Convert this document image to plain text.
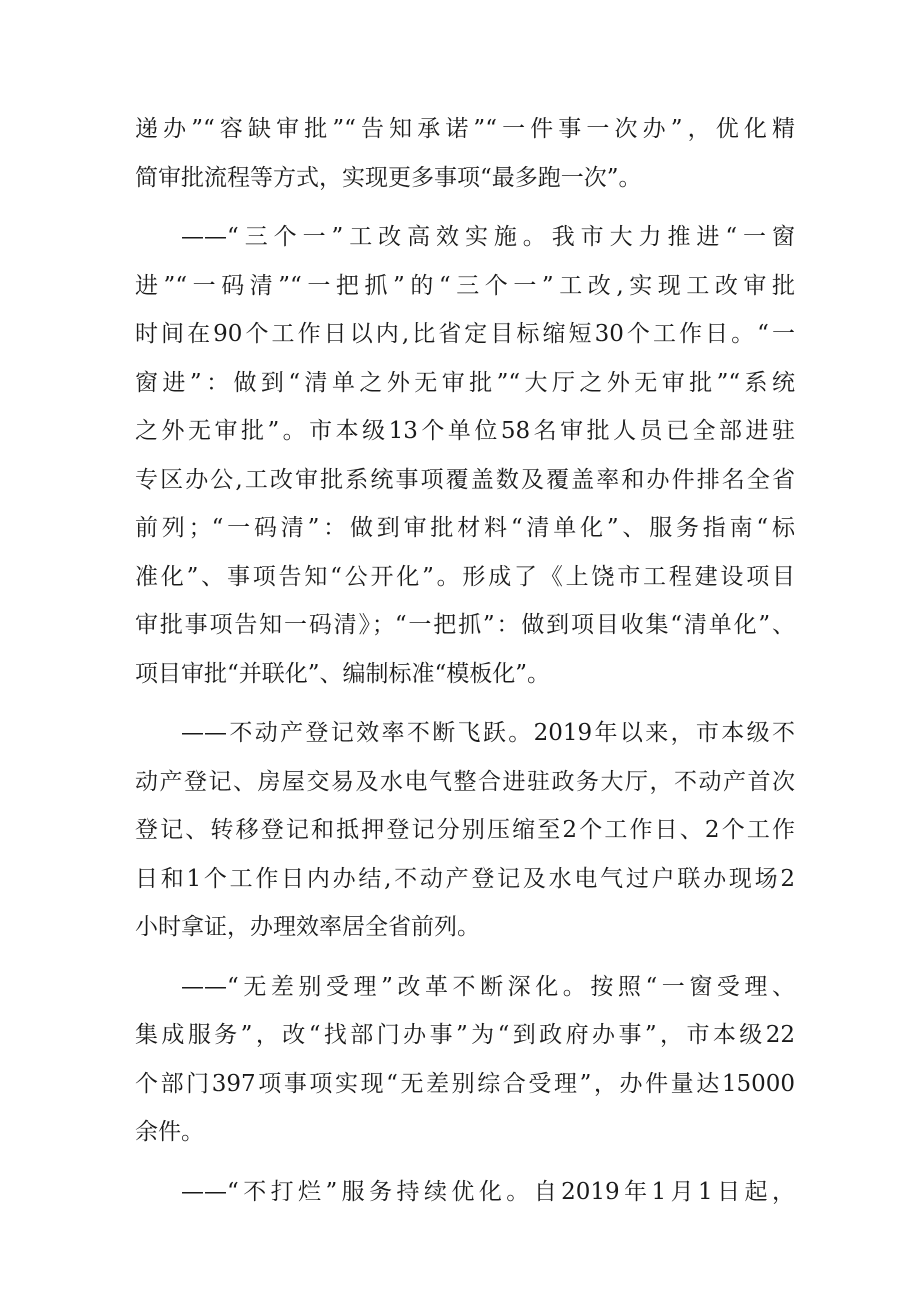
递办”“容缺审批”“告知承诺”“一件事一次办”，优化精
简审批流程等方式，实现更多事项“最多跑一次”。
——“三个一”工改高效实施。我市大力推进“一窗
进”“一码清”“一把抓”的“三个一”工改,实现工改审批
时间在90个工作日以内,比省定目标缩短30个工作日。“一
窗进”：做到“清单之外无审批”“大厅之外无审批”“系统
之外无审批”。市本级13个单位58名审批人员已全部进驻
专区办公,工改审批系统事项覆盖数及覆盖率和办件排名全省
前列；“一码清”：做到审批材料“清单化”、服务指南“标
准化”、事项告知“公开化”。形成了《上饶市工程建设项目
审批事项告知一码清》；“一把抓”：做到项目收集“清单化”、
项目审批“并联化”、编制标准“模板化”。
——不动产登记效率不断飞跃。2019年以来，市本级不
动产登记、房屋交易及水电气整合进驻政务大厅，不动产首次
登记、转移登记和抵押登记分别压缩至2个工作日、2个工作
日和1个工作日内办结,不动产登记及水电气过户联办现场2
小时拿证，办理效率居全省前列。
——“无差别受理”改革不断深化。按照“一窗受理、
集成服务”，改“找部门办事”为“到政府办事”，市本级22
个部门397项事项实现“无差别综合受理”，办件量达15000
余件。
——“不打烂”服务持续优化。自2019年1月1日起，
